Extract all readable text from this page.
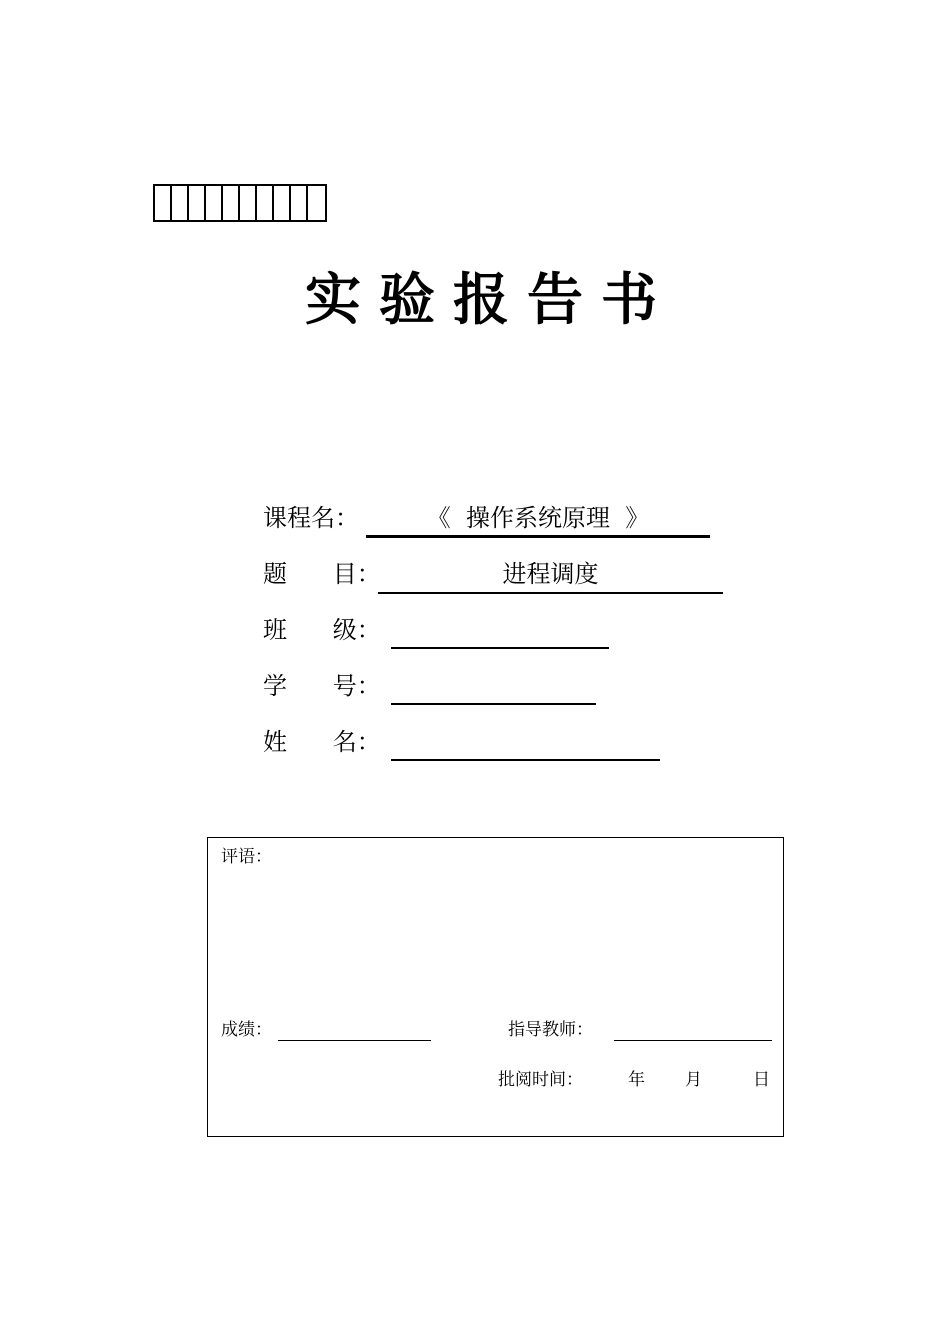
实验报告书
课程名：	《  操作系统原理  》
题      目：	进程调度
班      级：
学      号：
姓      名：
评语：
成绩：	指导教师：
批阅时间：	年 月	日
